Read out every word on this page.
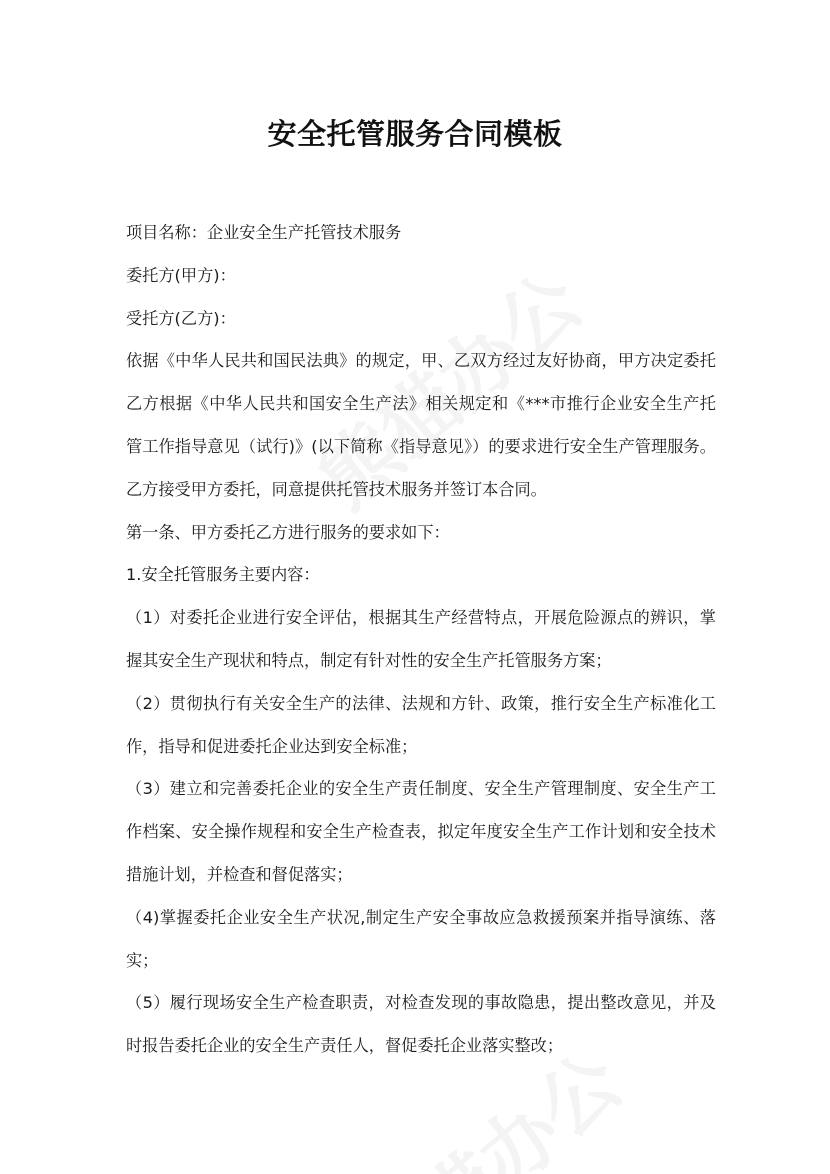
安全托管服务合同模板

项目名称：企业安全生产托管技术服务

委托方(甲方)：

受托方(乙方)：

依据《中华人民共和国民法典》的规定，甲、乙双方经过友好协商，甲方决定委托乙方根据《中华人民共和国安全生产法》相关规定和《***市推行企业安全生产托管工作指导意见（试行)》(以下简称《指导意见》）的要求进行安全生产管理服务。乙方接受甲方委托，同意提供托管技术服务并签订本合同。

第一条、甲方委托乙方进行服务的要求如下：

1.安全托管服务主要内容：

（1）对委托企业进行安全评估，根据其生产经营特点，开展危险源点的辨识，掌握其安全生产现状和特点，制定有针对性的安全生产托管服务方案；

（2）贯彻执行有关安全生产的法律、法规和方针、政策，推行安全生产标准化工作，指导和促进委托企业达到安全标准；

（3）建立和完善委托企业的安全生产责任制度、安全生产管理制度、安全生产工作档案、安全操作规程和安全生产检查表，拟定年度安全生产工作计划和安全技术措施计划，并检查和督促落实；

（4)掌握委托企业安全生产状况,制定生产安全事故应急救援预案并指导演练、落实；

（5）履行现场安全生产检查职责，对检查发现的事故隐患，提出整改意见，并及时报告委托企业的安全生产责任人，督促委托企业落实整改；
